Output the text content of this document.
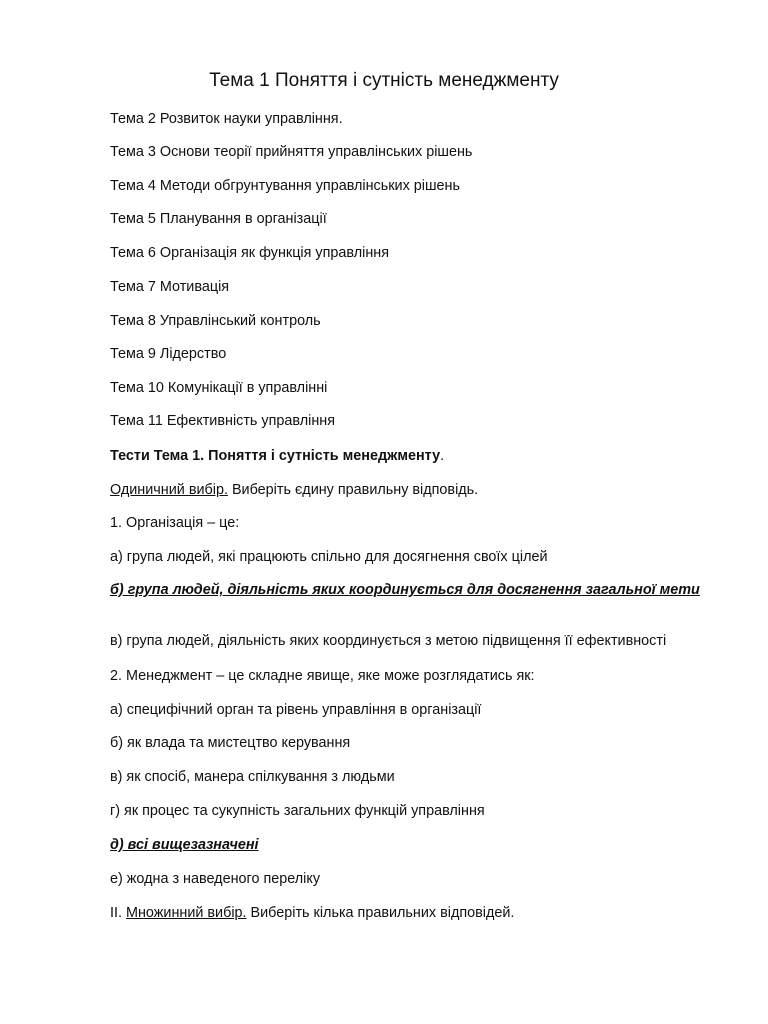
Тема 1 Поняття і сутність менеджменту
Тема 2 Розвиток науки управління.
Тема 3 Основи теорії прийняття управлінських рішень
Тема 4 Методи обгрунтування управлінських рішень
Тема 5 Планування в організації
Тема 6 Організація як функція управління
Тема 7 Мотивація
Тема 8 Управлінський контроль
Тема 9 Лідерство
Тема 10 Комунікації в управлінні
Тема 11 Ефективність управління
Тести Тема 1. Поняття і сутність менеджменту.
Одиничний вибір. Виберіть єдину правильну відповідь.
1. Організація – це:
а) група людей, які працюють спільно для досягнення своїх цілей
б) група людей, діяльність яких координується для досягнення загальної мети
в) група людей, діяльність яких координується з метою підвищення її ефективності
2. Менеджмент – це складне явище, яке може розглядатись як:
а) специфічний орган та рівень управління в організації
б) як влада та мистецтво керування
в) як спосіб, манера спілкування з людьми
г) як процес та сукупність загальних функцій управління
д) всі вищезазначені
е) жодна з наведеного переліку
ІІ. Множинний вибір. Виберіть кілька правильних відповідей.
